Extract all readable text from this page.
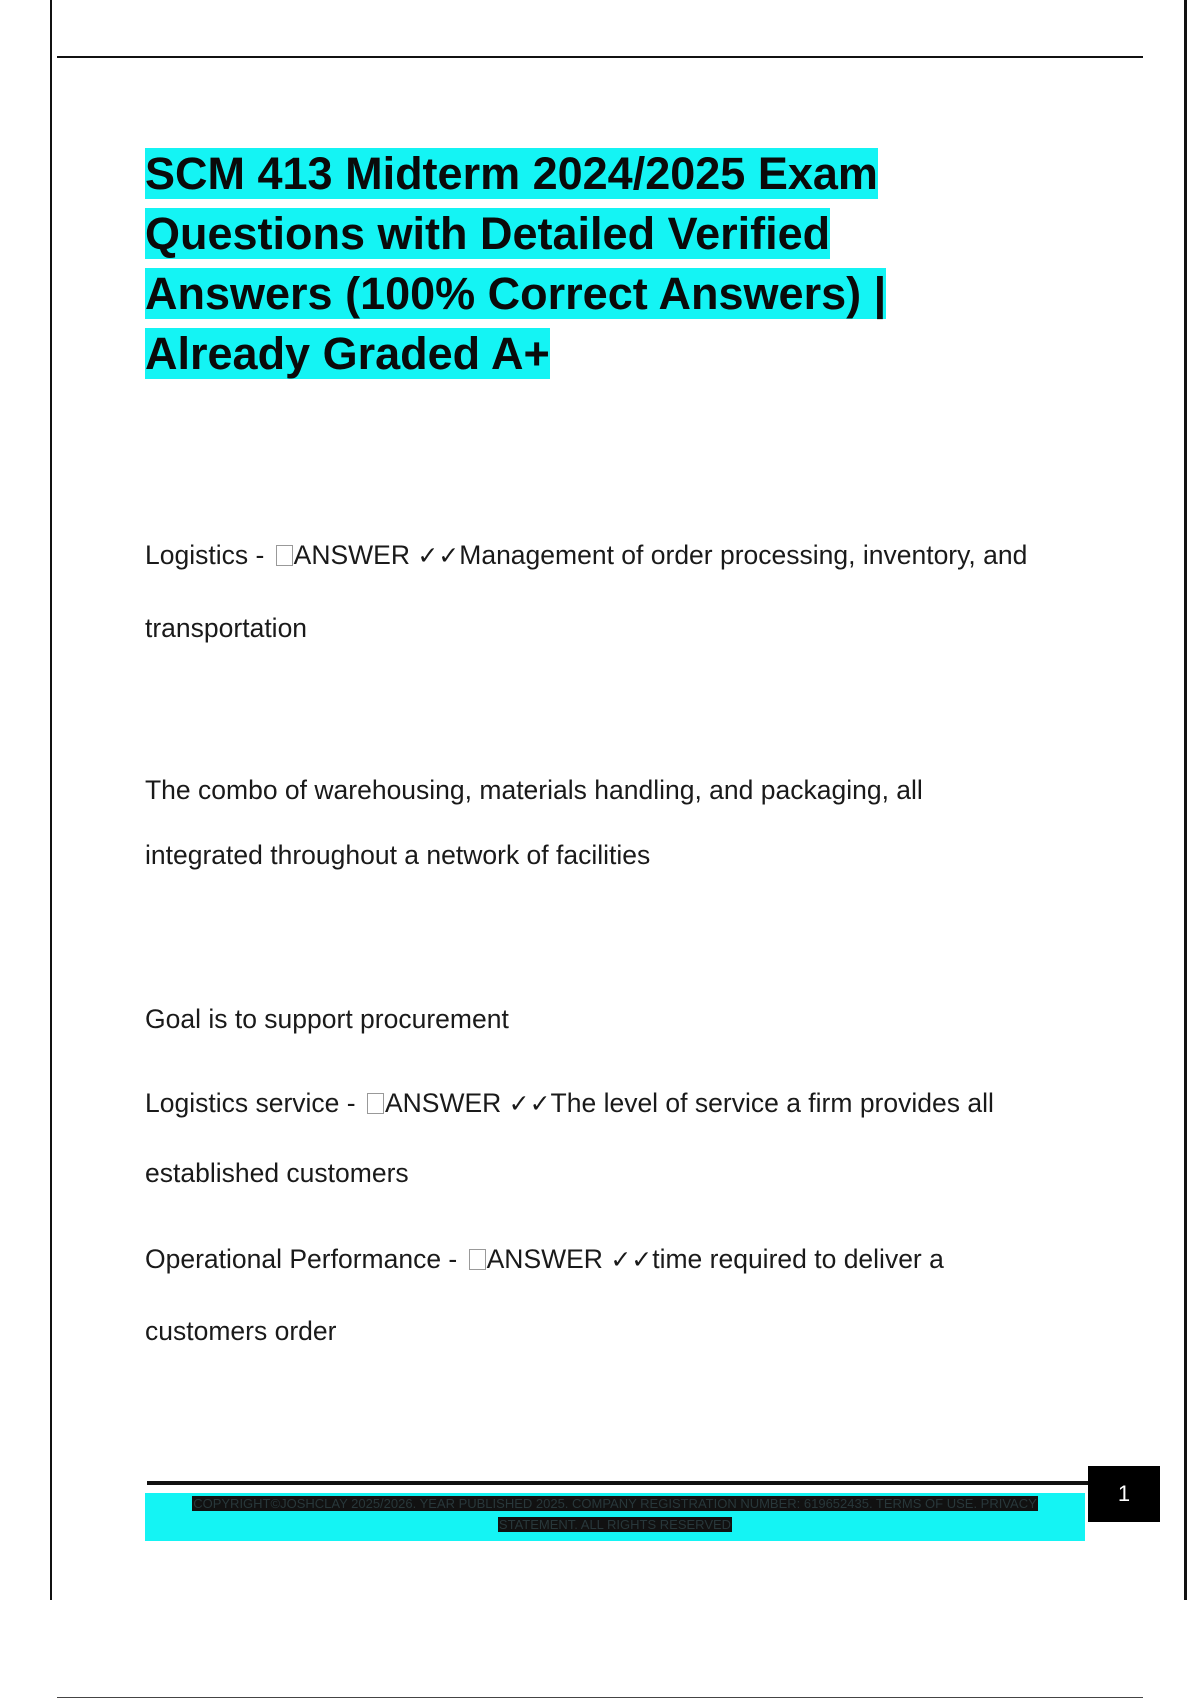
SCM 413 Midterm 2024/2025 Exam Questions with Detailed Verified Answers (100% Correct Answers) | Already Graded A+

Logistics - ANSWER ✓✓Management of order processing, inventory, and

transportation

The combo of warehousing, materials handling, and packaging, all

integrated throughout a network of facilities

Goal is to support procurement

Logistics service - ANSWER ✓✓The level of service a firm provides all

established customers

Operational Performance - ANSWER ✓✓time required to deliver a

customers order

COPYRIGHT©JOSHCLAY 2025/2026. YEAR PUBLISHED 2025. COMPANY REGISTRATION NUMBER: 619652435. TERMS OF USE. PRIVACY
STATEMENT. ALL RIGHTS RESERVED
1
